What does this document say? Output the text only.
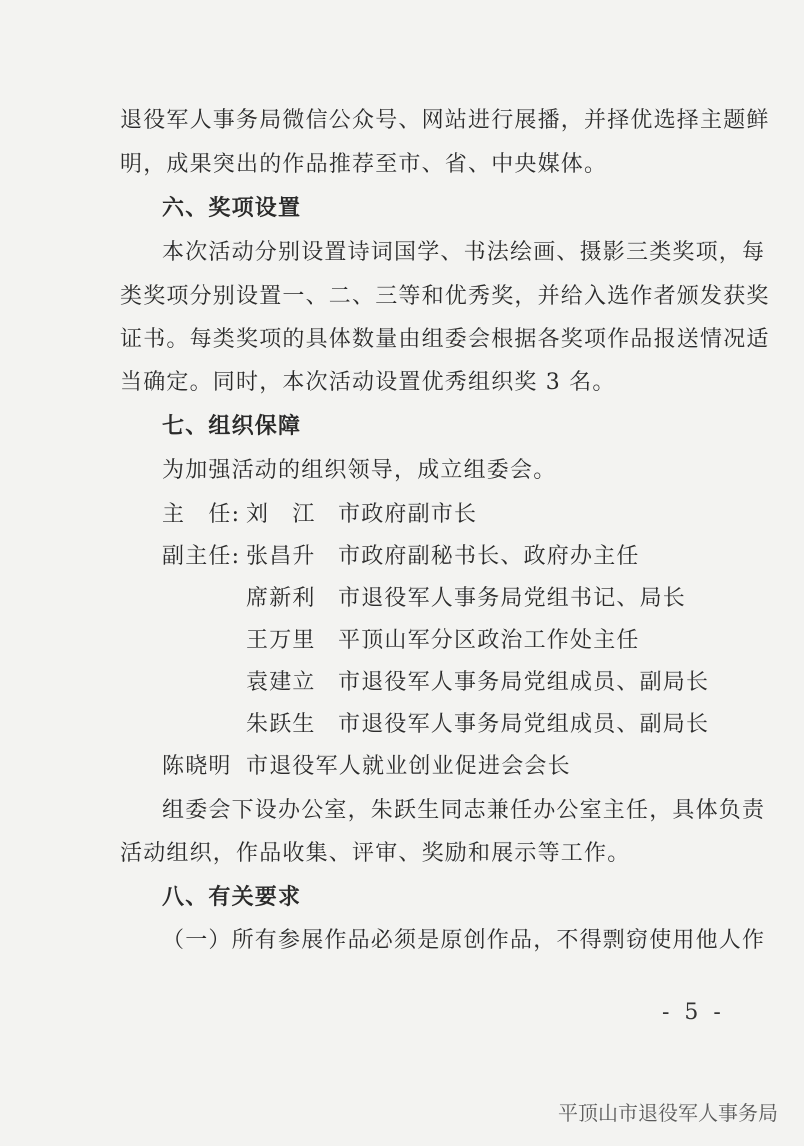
退役军人事务局微信公众号、网站进行展播，并择优选择主题鲜
明，成果突出的作品推荐至市、省、中央媒体。
六、奖项设置
本次活动分别设置诗词国学、书法绘画、摄影三类奖项，每
类奖项分别设置一、二、三等和优秀奖，并给入选作者颁发获奖
证书。每类奖项的具体数量由组委会根据各奖项作品报送情况适
当确定。同时，本次活动设置优秀组织奖 3 名。
七、组织保障
为加强活动的组织领导，成立组委会。
主　任: 刘　江 市政府副市长
副主任: 张昌升 市政府副秘书长、政府办主任
席新利 市退役军人事务局党组书记、局长
王万里 平顶山军分区政治工作处主任
袁建立 市退役军人事务局党组成员、副局长
朱跃生 市退役军人事务局党组成员、副局长
陈晓明 市退役军人就业创业促进会会长
组委会下设办公室，朱跃生同志兼任办公室主任，具体负责
活动组织，作品收集、评审、奖励和展示等工作。
八、有关要求
（一）所有参展作品必须是原创作品，不得剽窃使用他人作
- 5 -
平顶山市退役军人事务局
